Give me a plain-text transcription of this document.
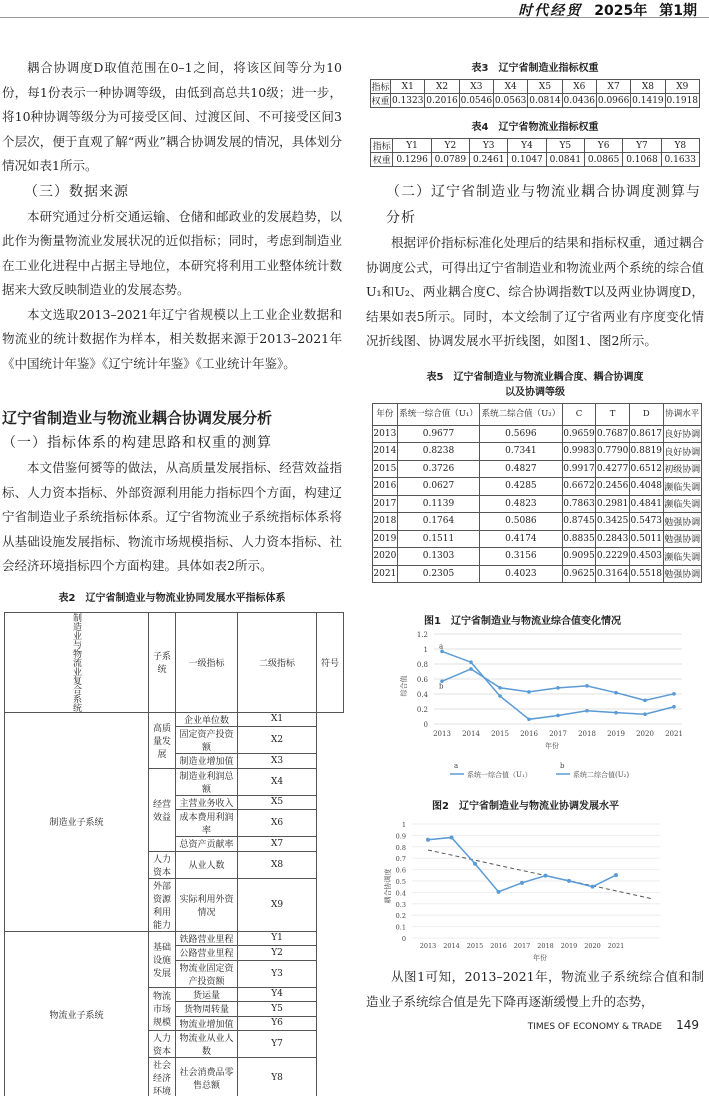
时代经贸 2025年 第1期

耦合协调度D取值范围在0–1之间，将该区间等分为10份，每1份表示一种协调等级，由低到高总共10级；进一步，将10种协调等级分为可接受区间、过渡区间、不可接受区间3个层次，便于直观了解“两业”耦合协调发展的情况，具体划分情况如表1所示。

（三）数据来源

本研究通过分析交通运输、仓储和邮政业的发展趋势，以此作为衡量物流业发展状况的近似指标；同时，考虑到制造业在工业化进程中占据主导地位，本研究将利用工业整体统计数据来大致反映制造业的发展态势。

本文选取2013–2021年辽宁省规模以上工业企业数据和物流业的统计数据作为样本，相关数据来源于2013–2021年《中国统计年鉴》《辽宁统计年鉴》《工业统计年鉴》。

辽宁省制造业与物流业耦合协调发展分析

（一）指标体系的构建思路和权重的测算

本文借鉴何赟等的做法，从高质量发展指标、经营效益指标、人力资本指标、外部资源利用能力指标四个方面，构建辽宁省制造业子系统指标体系。辽宁省物流业子系统指标体系将从基础设施发展指标、物流市场规模指标、人力资本指标、社会经济环境指标四个方面构建。具体如表2所示。

表2　辽宁省制造业与物流业协同发展水平指标体系

制造业与物流业复合系统	子系统	一级指标	二级指标	符号
制造业子系统	高质量发展	企业单位数	X1	
		固定资产投资额	X2	
		制造业增加值	X3	
	经营效益	制造业利润总额	X4	
		主营业务收入	X5	
		成本费用利润率	X6	
		总资产贡献率	X7	
	人力资本	从业人数	X8	
	外部资源利用能力	实际利用外资情况	X9	
物流业子系统	基础设施发展	铁路营业里程	Y1	
		公路营业里程	Y2	
		物流业固定资产投资额	Y3	
	物流市场规模	货运量	Y4	
		货物周转量	Y5	
		物流业增加值	Y6	
	人力资本	物流业从业人数	Y7	
	社会经济环境	社会消费品零售总额	Y8	

表3　辽宁省制造业指标权重

指标	X1	X2	X3	X4	X5	X6	X7	X8	X9
权重	0.1323	0.2016	0.0546	0.0563	0.0814	0.0436	0.0966	0.1419	0.1918

表4　辽宁省物流业指标权重

指标	Y1	Y2	Y3	Y4	Y5	Y6	Y7	Y8
权重	0.1296	0.0789	0.2461	0.1047	0.0841	0.0865	0.1068	0.1633

（二）辽宁省制造业与物流业耦合协调度测算与分析

根据评价指标标准化处理后的结果和指标权重，通过耦合协调度公式，可得出辽宁省制造业和物流业两个系统的综合值U₁和U₂、两业耦合度C、综合协调指数T以及两业协调度D，结果如表5所示。同时，本文绘制了辽宁省两业有序度变化情况折线图、协调发展水平折线图，如图1、图2所示。

表5　辽宁省制造业与物流业耦合度、耦合协调度

以及协调等级

年份	系统一综合值（U₁）	系统二综合值（U₂）	C	T	D	协调水平
2013	0.9677	0.5696	0.9659	0.7687	0.8617	良好协调
2014	0.8238	0.7341	0.9983	0.7790	0.8819	良好协调
2015	0.3726	0.4827	0.9917	0.4277	0.6512	初级协调
2016	0.0627	0.4285	0.6672	0.2456	0.4048	濒临失调
2017	0.1139	0.4823	0.7863	0.2981	0.4841	濒临失调
2018	0.1764	0.5086	0.8745	0.3425	0.5473	勉强协调
2019	0.1511	0.4174	0.8835	0.2843	0.5011	勉强协调
2020	0.1303	0.3156	0.9095	0.2229	0.4503	濒临失调
2021	0.2305	0.4023	0.9625	0.3164	0.5518	勉强协调
图1　辽宁省制造业与物流业综合值变化情况
0
0.2
0.4
0.6
0.8
1
1.2
2013 2014 2015 2016 2017 2018 2019 2020 2021
年份
综合值
a
a
系统一综合值（U₁）
b
b
系统二综合值(U₂)
图2　辽宁省制造业与物流业协调发展水平
0
0.1
0.2
0.3
0.4
0.5
0.6
0.7
0.8
0.9
1
2013 2014 2015 2016 2017 2018 2019 2020 2021
年份
耦合协调度

从图1可知，2013–2021年，物流业子系统综合值和制造业子系统综合值是先下降再逐渐缓慢上升的态势，

TIMES OF ECONOMY & TRADE 149
